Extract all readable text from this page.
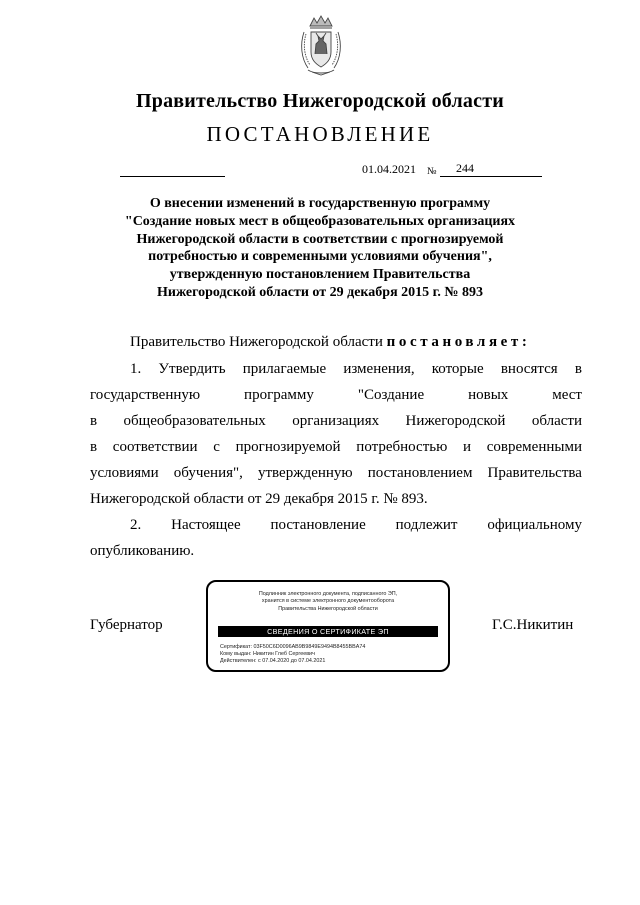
Правительство Нижегородской области
ПОСТАНОВЛЕНИЕ
01.04.2021 №	244
О внесении изменений в государственную программу
"Создание новых мест в общеобразовательных организациях
Нижегородской области в соответствии с прогнозируемой
потребностью и современными условиями обучения",
утвержденную постановлением Правительства
Нижегородской области от 29 декабря 2015 г. № 893
Правительство Нижегородской области постановляет:
1. Утвердить прилагаемые изменения, которые вносятся в
государственную	программу	"Создание	новых	мест
в общеобразовательных организациях Нижегородской области
в соответствии с прогнозируемой потребностью и современными
условиями обучения", утвержденную постановлением Правительства
Нижегородской области от 29 декабря 2015 г. № 893.
2. Настоящее постановление подлежит официальному
опубликованию.
Губернатор	Г.С.Никитин
Подлинник электронного документа, подписанного ЭП,
хранится в системе электронного документооборота
Правительства Нижегородской области
СВЕДЕНИЯ О СЕРТИФИКАТЕ ЭП
Сертификат: 03F50C6D0096AB9B9849E9494B8455BBA74
Кому выдан: Никитин Глеб Сергеевич
Действителен: с 07.04.2020 до 07.04.2021
